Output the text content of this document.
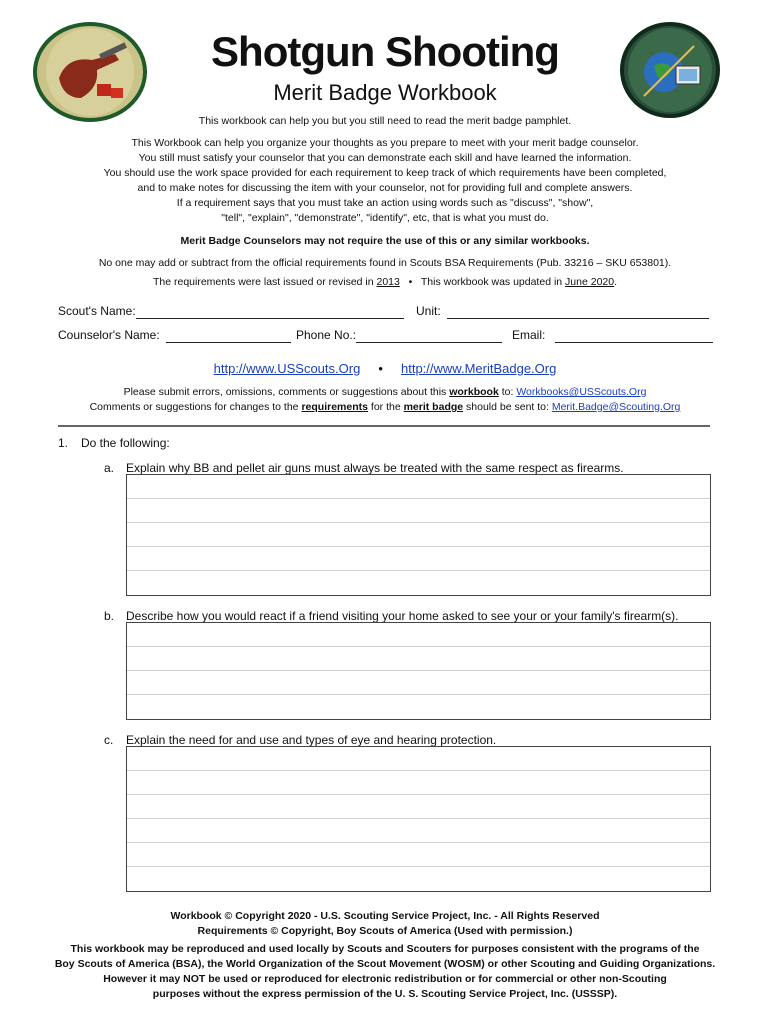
Shotgun Shooting
Merit Badge Workbook
This workbook can help you but you still need to read the merit badge pamphlet.
This Workbook can help you organize your thoughts as you prepare to meet with your merit badge counselor.
You still must satisfy your counselor that you can demonstrate each skill and have learned the information.
You should use the work space provided for each requirement to keep track of which requirements have been completed,
and to make notes for discussing the item with your counselor, not for providing full and complete answers.
If a requirement says that you must take an action using words such as "discuss", "show",
"tell", "explain", "demonstrate", "identify", etc, that is what you must do.
Merit Badge Counselors may not require the use of this or any similar workbooks.
No one may add or subtract from the official requirements found in Scouts BSA Requirements (Pub. 33216 – SKU 653801).
The requirements were last issued or revised in 2013 • This workbook was updated in June 2020.
Scout's Name:	Unit:
Counselor's Name:	Phone No.:	Email:
http://www.USScouts.Org • http://www.MeritBadge.Org
Please submit errors, omissions, comments or suggestions about this workbook to: Workbooks@USScouts.Org
Comments or suggestions for changes to the requirements for the merit badge should be sent to: Merit.Badge@Scouting.Org
1. Do the following:
a. Explain why BB and pellet air guns must always be treated with the same respect as firearms.
b. Describe how you would react if a friend visiting your home asked to see your or your family's firearm(s).
c. Explain the need for and use and types of eye and hearing protection.
Workbook © Copyright 2020 - U.S. Scouting Service Project, Inc. - All Rights Reserved
Requirements © Copyright, Boy Scouts of America (Used with permission.)
This workbook may be reproduced and used locally by Scouts and Scouters for purposes consistent with the programs of the
Boy Scouts of America (BSA), the World Organization of the Scout Movement (WOSM) or other Scouting and Guiding Organizations.
However it may NOT be used or reproduced for electronic redistribution or for commercial or other non-Scouting
purposes without the express permission of the U. S. Scouting Service Project, Inc. (USSSP).
